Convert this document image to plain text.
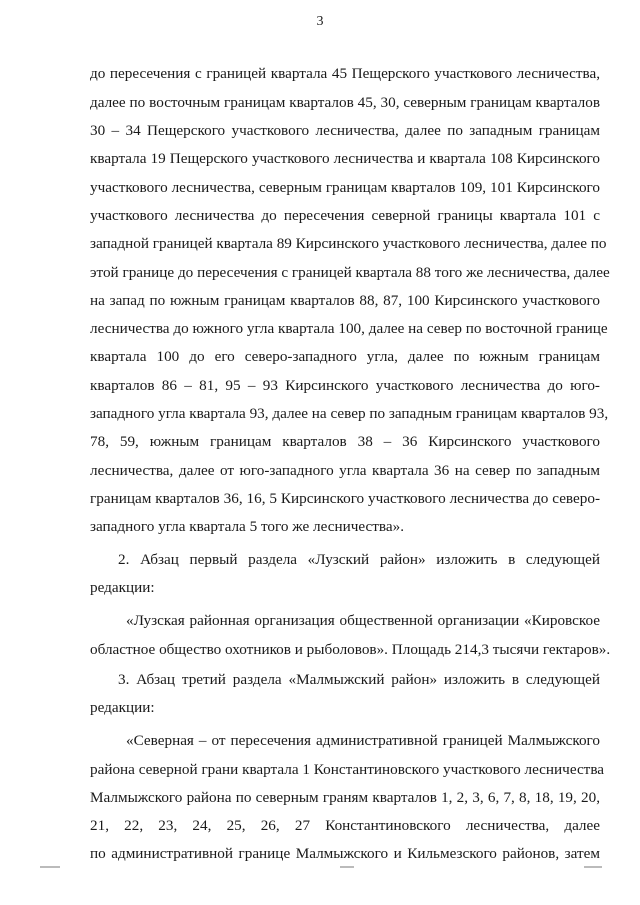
3
до пересечения с границей квартала 45 Пещерского участкового лесничества,
далее по восточным границам кварталов 45, 30, северным границам кварталов
30 – 34 Пещерского участкового лесничества, далее по западным границам
квартала 19 Пещерского участкового лесничества и квартала 108 Кирсинского
участкового лесничества, северным границам кварталов 109, 101 Кирсинского
участкового лесничества до пересечения северной границы квартала 101 с
западной границей квартала 89 Кирсинского участкового лесничества, далее по
этой границе до пересечения с границей квартала 88 того же лесничества, далее
на запад по южным границам кварталов 88, 87, 100 Кирсинского участкового
лесничества до южного угла квартала 100, далее на север по восточной границе
квартала 100 до его северо-западного угла, далее по южным границам
кварталов 86 – 81, 95 – 93 Кирсинского участкового лесничества до юго-
западного угла квартала 93, далее на север по западным границам кварталов 93,
78, 59, южным границам кварталов 38 – 36 Кирсинского участкового
лесничества, далее от юго-западного угла квартала 36 на север по западным
границам кварталов 36, 16, 5 Кирсинского участкового лесничества до северо-
западного угла квартала 5 того же лесничества».
2. Абзац первый раздела «Лузский район» изложить в следующей
редакции:
«Лузская районная организация общественной организации «Кировское
областное общество охотников и рыболовов». Площадь 214,3 тысячи гектаров».
3. Абзац третий раздела «Малмыжский район» изложить в следующей
редакции:
«Северная – от пересечения административной границей Малмыжского
района северной грани квартала 1 Константиновского участкового лесничества
Малмыжского района по северным граням кварталов 1, 2, 3, 6, 7, 8, 18, 19, 20,
21, 22, 23, 24, 25, 26, 27 Константиновского лесничества, далее
по административной границе Малмыжского и Кильмезского районов, затем
